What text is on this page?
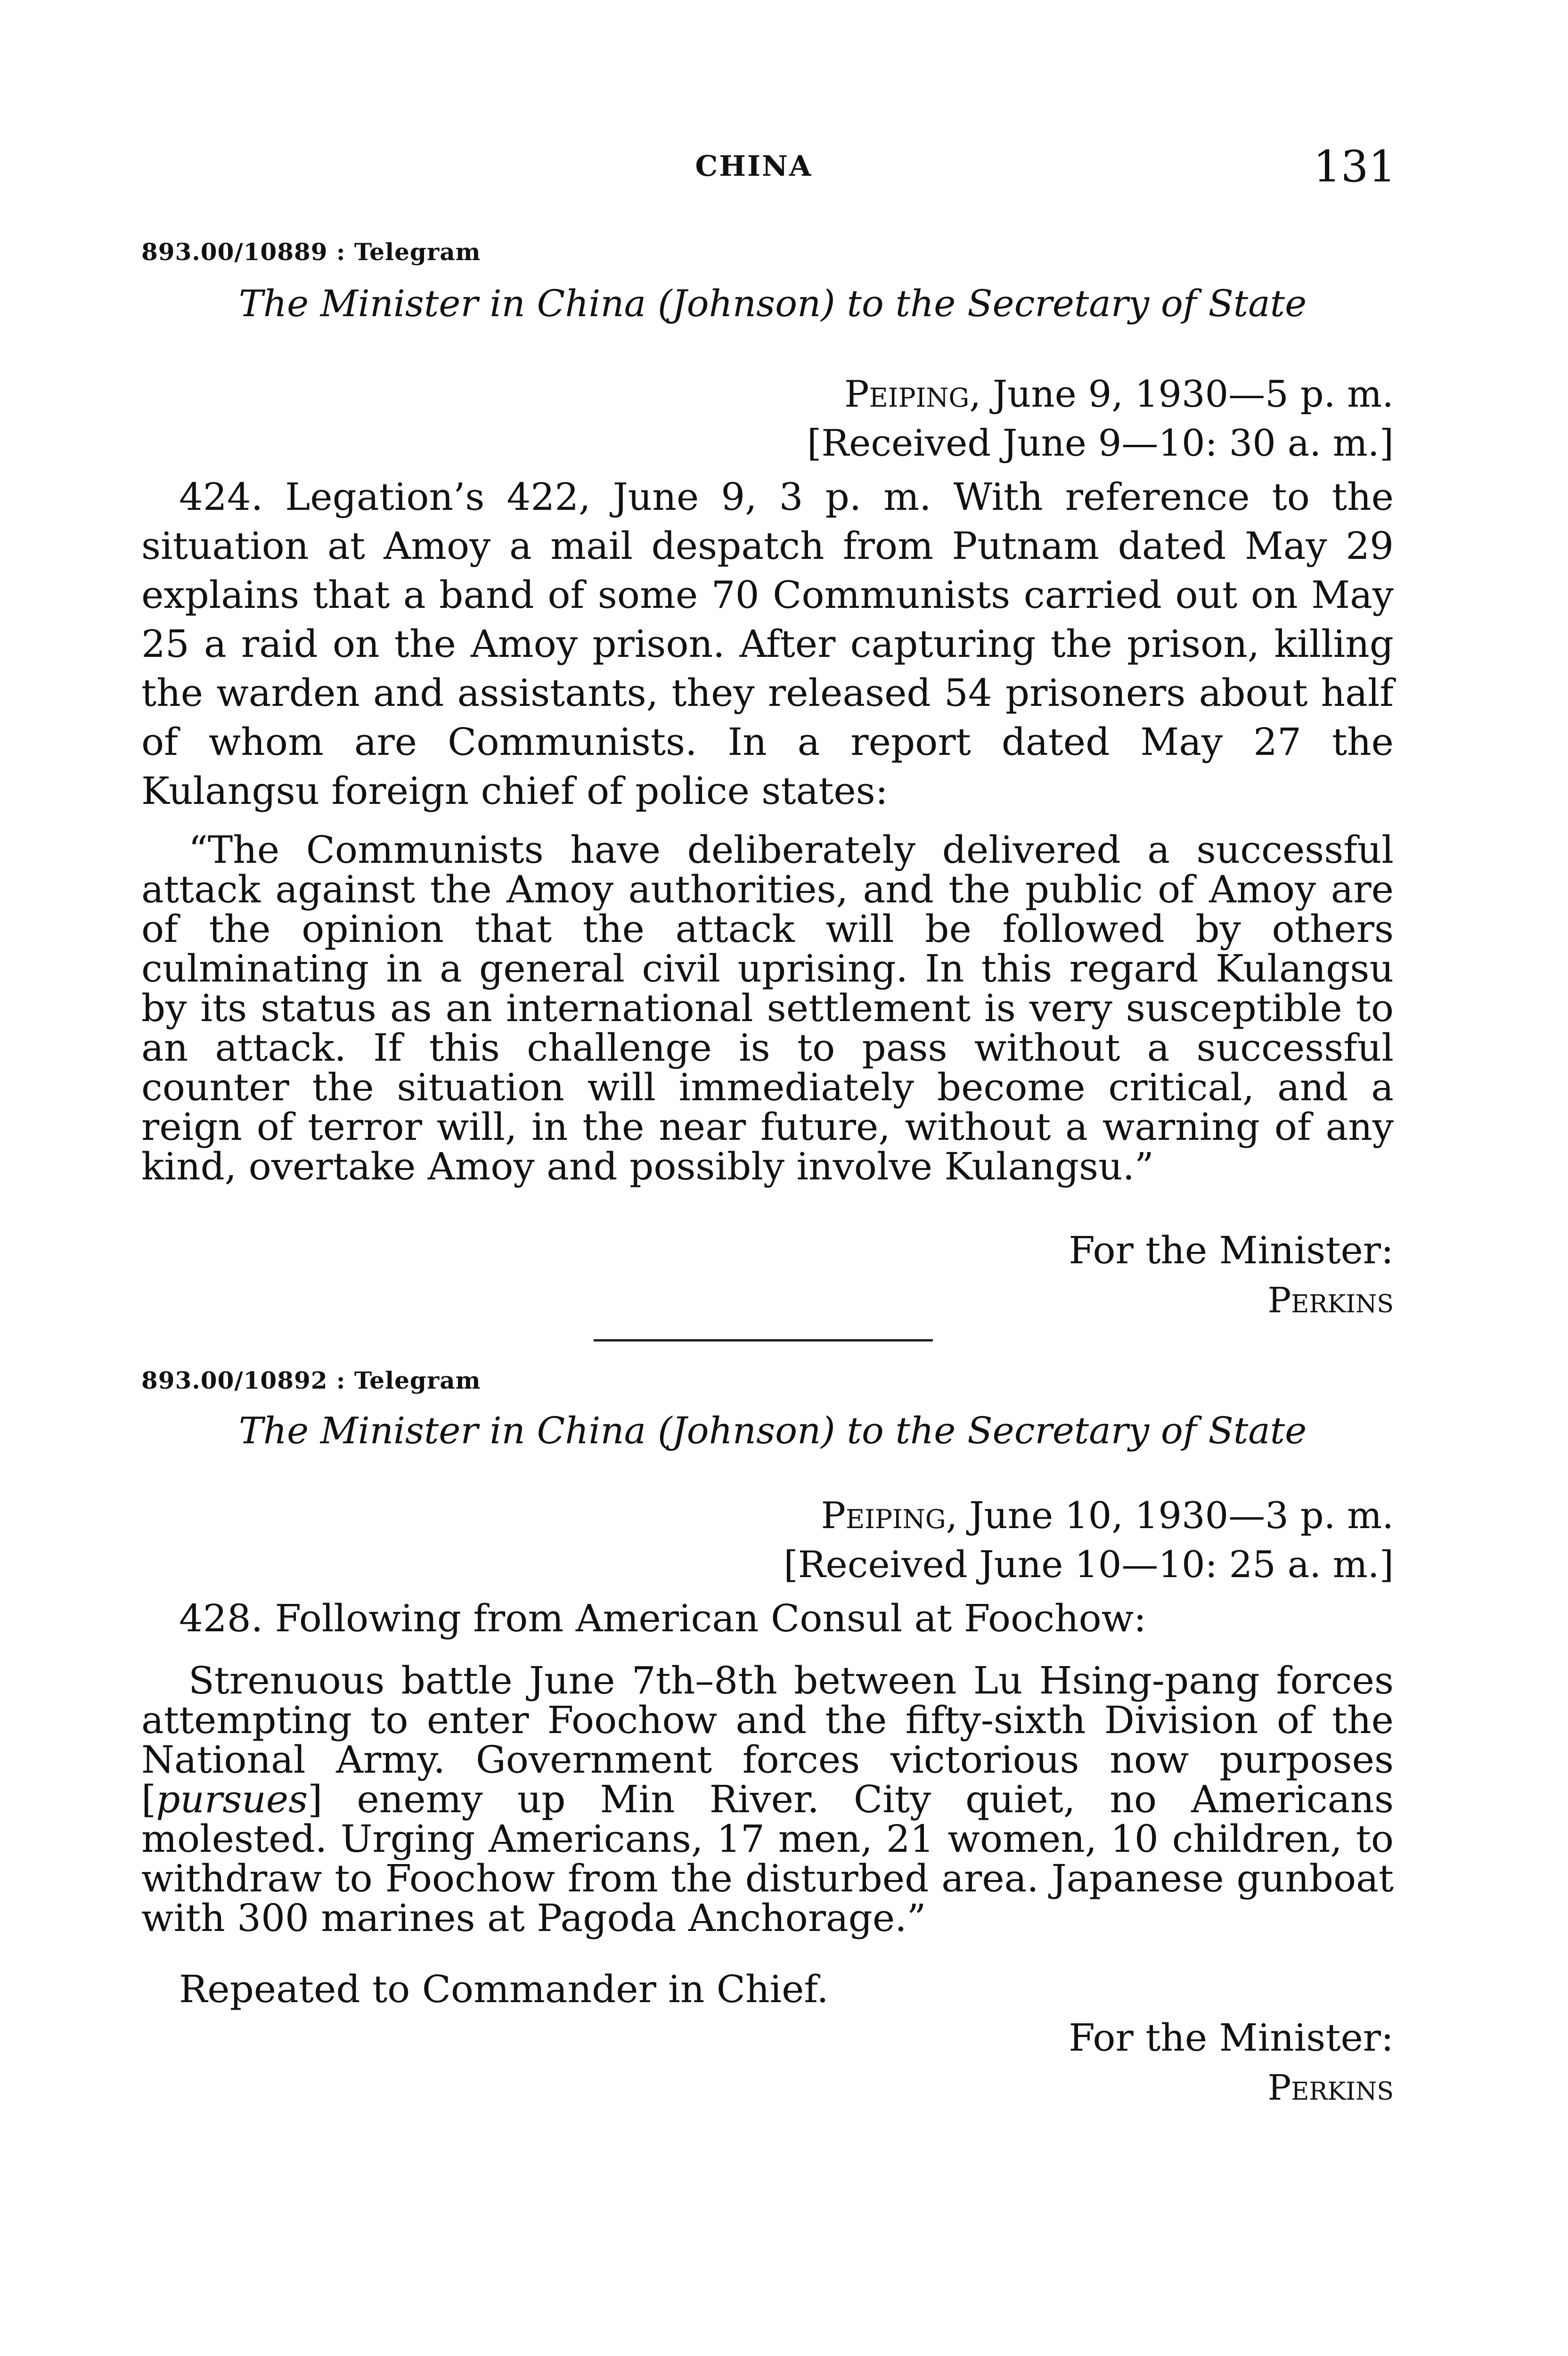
CHINA	131
893.00/10889 : Telegram
The Minister in China (Johnson) to the Secretary of State
Peiping, June 9, 1930—5 p. m.
[Received June 9—10: 30 a. m.]
424. Legation’s 422, June 9, 3 p. m. With reference to the situation at Amoy a mail despatch from Putnam dated May 29 explains that a band of some 70 Communists carried out on May 25 a raid on the Amoy prison. After capturing the prison, killing the warden and assistants, they released 54 prisoners about half of whom are Communists. In a report dated May 27 the Kulangsu foreign chief of police states:
“The Communists have deliberately delivered a successful attack against the Amoy authorities, and the public of Amoy are of the opinion that the attack will be followed by others culminating in a general civil uprising. In this regard Kulangsu by its status as an international settlement is very susceptible to an attack. If this challenge is to pass without a successful counter the situation will immediately become critical, and a reign of terror will, in the near future, without a warning of any kind, overtake Amoy and possibly involve Kulangsu.”
For the Minister:
Perkins
893.00/10892 : Telegram
The Minister in China (Johnson) to the Secretary of State
Peiping, June 10, 1930—3 p. m.
[Received June 10—10: 25 a. m.]
428. Following from American Consul at Foochow:
Strenuous battle June 7th–8th between Lu Hsing-pang forces attempting to enter Foochow and the fifty-sixth Division of the National Army. Government forces victorious now purposes [pursues] enemy up Min River. City quiet, no Americans molested. Urging Americans, 17 men, 21 women, 10 children, to withdraw to Foochow from the disturbed area. Japanese gunboat with 300 marines at Pagoda Anchorage.”
Repeated to Commander in Chief.
For the Minister:
Perkins
